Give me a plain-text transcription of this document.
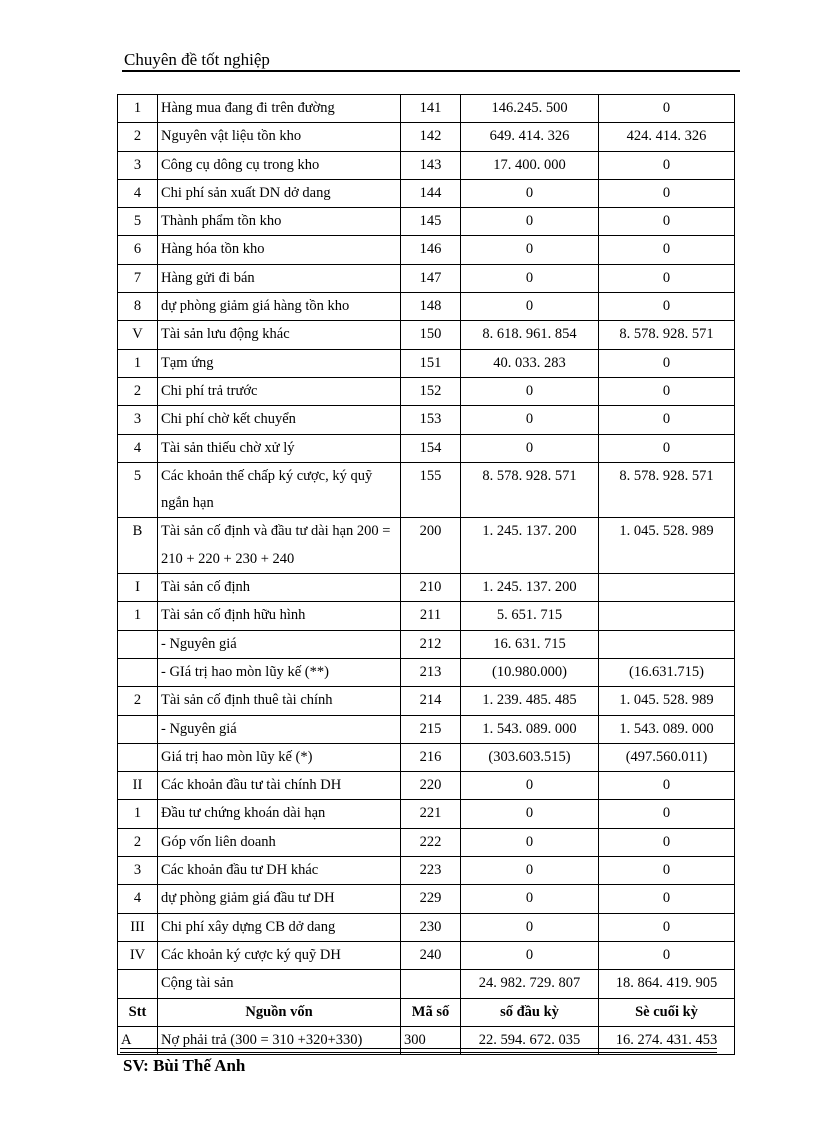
Chuyên đề tốt nghiệp
1	Hàng mua đang đi trên đường	141	146.245. 500	0
2	Nguyên vật liệu tồn kho	142	649. 414. 326	424. 414. 326
3	Công cụ dông cụ trong kho	143	17. 400. 000	0
4	Chi phí sản xuất DN dở dang	144	0	0
5	Thành phẩm tồn kho	145	0	0
6	Hàng hóa tồn kho	146	0	0
7	Hàng gửi đi bán	147	0	0
8	dự phòng giảm giá hàng tồn kho	148	0	0
V	Tài sản lưu động khác	150	8. 618. 961. 854	8. 578. 928. 571
1	Tạm ứng	151	40. 033. 283	0
2	Chi phí trả trước	152	0	0
3	Chi phí chờ kết chuyển	153	0	0
4	Tài sản thiếu chờ xử lý	154	0	0
5	Các khoản thế chấp ký cược, ký quỹ ngắn hạn	155	8. 578. 928. 571	8. 578. 928. 571
B	Tài sản cố định và đầu tư dài hạn 200 = 210 + 220 + 230 + 240	200	1. 245. 137. 200	1. 045. 528. 989
I	Tài sản cố định	210	1. 245. 137. 200	
1	Tài sản cố định hữu hình	211	5. 651. 715	
	- Nguyên giá	212	16. 631. 715	
	- GIá trị hao mòn lũy kế (**)	213	(10.980.000)	(16.631.715)
2	Tài sản cố định thuê tài chính	214	1. 239. 485. 485	1. 045. 528. 989
	- Nguyên giá	215	1. 543. 089. 000	1. 543. 089. 000
	Giá trị hao mòn lũy kế (*)	216	(303.603.515)	(497.560.011)
II	Các khoản đầu tư tài chính DH	220	0	0
1	Đầu tư chứng khoán dài hạn	221	0	0
2	Góp vốn liên doanh	222	0	0
3	Các khoản đầu tư DH khác	223	0	0
4	dự phòng giảm giá đầu tư DH	229	0	0
III	Chi phí xây dựng CB dở dang	230	0	0
IV	Các khoản ký cược ký quỹ DH	240	0	0
	Cộng tài sản		24. 982. 729. 807	18. 864. 419. 905
Stt	Nguồn vốn	Mã số	số đầu kỳ	Sè cuối kỳ
A	Nợ phải trả (300 = 310 +320+330)	300	22. 594. 672. 035	16. 274. 431. 453
SV: Bùi Thế Anh
